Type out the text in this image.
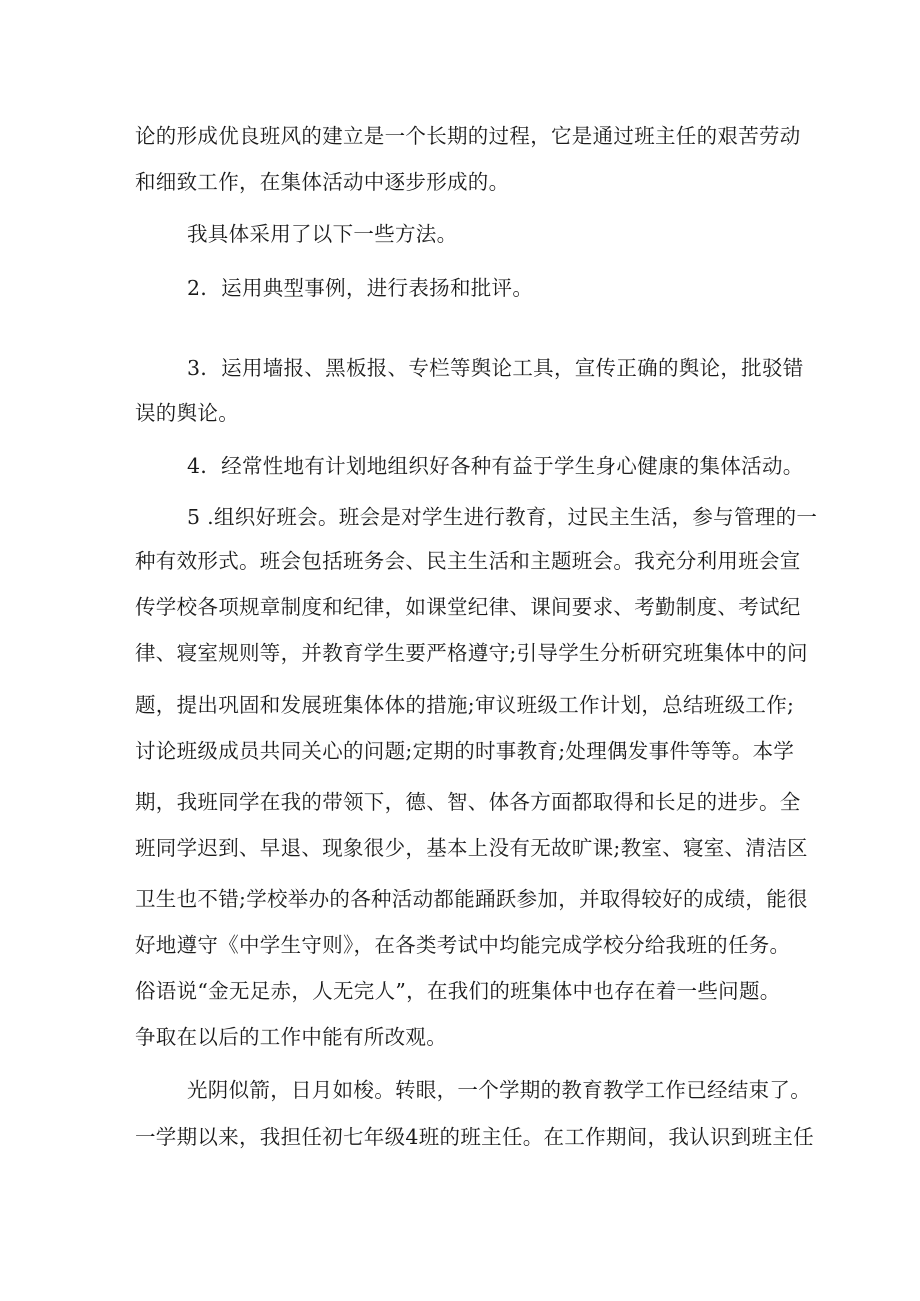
论的形成优良班风的建立是一个长期的过程，它是通过班主任的艰苦劳动
和细致工作，在集体活动中逐步形成的。
我具体采用了以下一些方法。
2．运用典型事例，进行表扬和批评。
3．运用墙报、黑板报、专栏等舆论工具，宣传正确的舆论，批驳错
误的舆论。
4．经常性地有计划地组织好各种有益于学生身心健康的集体活动。
5 .组织好班会。班会是对学生进行教育，过民主生活，参与管理的一
种有效形式。班会包括班务会、民主生活和主题班会。我充分利用班会宣
传学校各项规章制度和纪律，如课堂纪律、课间要求、考勤制度、考试纪
律、寝室规则等，并教育学生要严格遵守;引导学生分析研究班集体中的问
题，提出巩固和发展班集体体的措施;审议班级工作计划，总结班级工作;
讨论班级成员共同关心的问题;定期的时事教育;处理偶发事件等等。本学
期，我班同学在我的带领下，德、智、体各方面都取得和长足的进步。全
班同学迟到、早退、现象很少，基本上没有无故旷课;教室、寝室、清洁区
卫生也不错;学校举办的各种活动都能踊跃参加，并取得较好的成绩，能很
好地遵守《中学生守则》，在各类考试中均能完成学校分给我班的任务。
俗语说“金无足赤，人无完人”，在我们的班集体中也存在着一些问题。
争取在以后的工作中能有所改观。
光阴似箭，日月如梭。转眼，一个学期的教育教学工作已经结束了。
一学期以来，我担任初七年级4班的班主任。在工作期间，我认识到班主任
